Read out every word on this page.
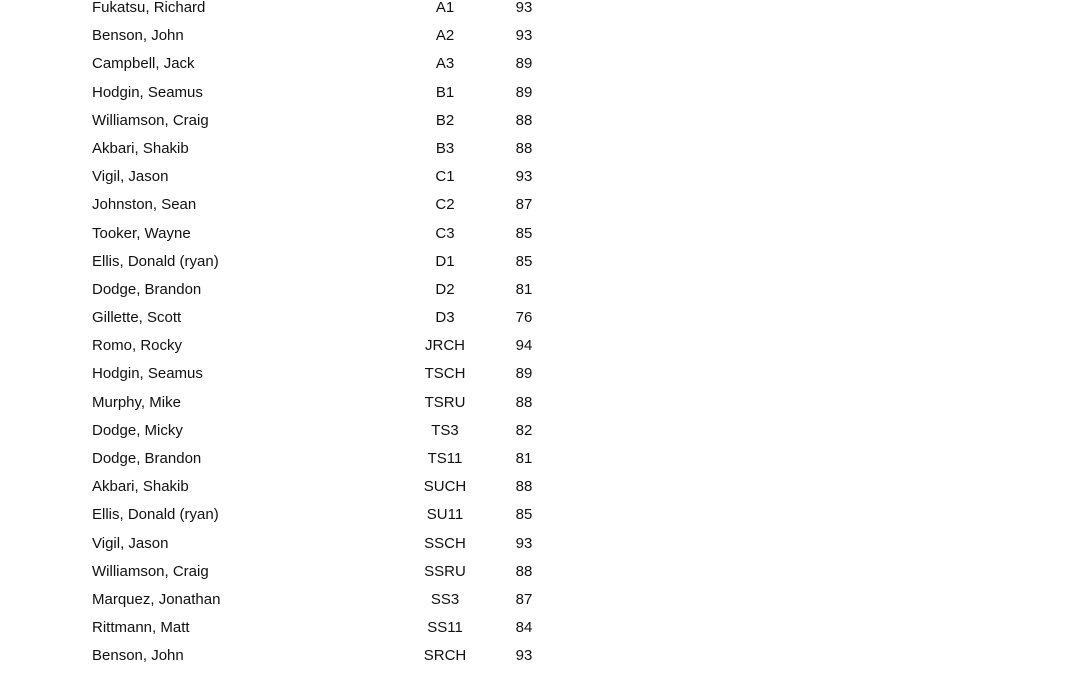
Fukatsu, Richard	A1	93
Benson, John	A2	93
Campbell, Jack	A3	89
Hodgin, Seamus	B1	89
Williamson, Craig	B2	88
Akbari, Shakib	B3	88
Vigil, Jason	C1	93
Johnston, Sean	C2	87
Tooker, Wayne	C3	85
Ellis, Donald (ryan)	D1	85
Dodge, Brandon	D2	81
Gillette, Scott	D3	76
Romo, Rocky	JRCH	94
Hodgin, Seamus	TSCH	89
Murphy, Mike	TSRU	88
Dodge, Micky	TS3	82
Dodge, Brandon	TS11	81
Akbari, Shakib	SUCH	88
Ellis, Donald (ryan)	SU11	85
Vigil, Jason	SSCH	93
Williamson, Craig	SSRU	88
Marquez, Jonathan	SS3	87
Rittmann, Matt	SS11	84
Benson, John	SRCH	93
